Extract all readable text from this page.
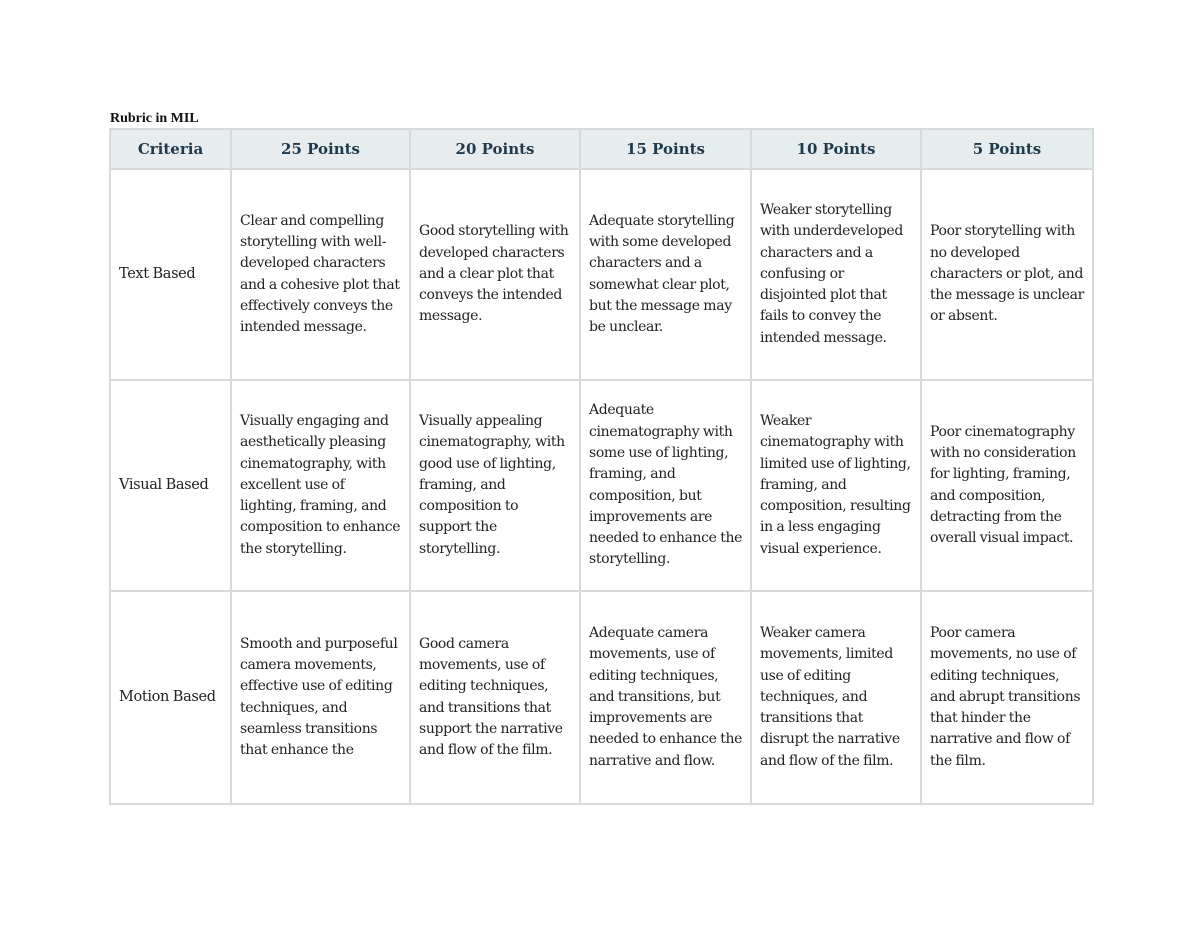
Rubric in MIL
Criteria	25 Points	20 Points	15 Points	10 Points	5 Points
Text Based	Clear and compelling storytelling with well-developed characters and a cohesive plot that effectively conveys the intended message.	Good storytelling with developed characters and a clear plot that conveys the intended message.	Adequate storytelling with some developed characters and a somewhat clear plot, but the message may be unclear.	Weaker storytelling with underdeveloped characters and a confusing or disjointed plot that fails to convey the intended message.	Poor storytelling with no developed characters or plot, and the message is unclear or absent.
Visual Based	Visually engaging and aesthetically pleasing cinematography, with excellent use of lighting, framing, and composition to enhance the storytelling.	Visually appealing cinematography, with good use of lighting, framing, and composition to support the storytelling.	Adequate cinematography with some use of lighting, framing, and composition, but improvements are needed to enhance the storytelling.	Weaker cinematography with limited use of lighting, framing, and composition, resulting in a less engaging visual experience.	Poor cinematography with no consideration for lighting, framing, and composition, detracting from the overall visual impact.
Motion Based	Smooth and purposeful camera movements, effective use of editing techniques, and seamless transitions that enhance the	Good camera movements, use of editing techniques, and transitions that support the narrative and flow of the film.	Adequate camera movements, use of editing techniques, and transitions, but improvements are needed to enhance the narrative and flow.	Weaker camera movements, limited use of editing techniques, and transitions that disrupt the narrative and flow of the film.	Poor camera movements, no use of editing techniques, and abrupt transitions that hinder the narrative and flow of the film.
